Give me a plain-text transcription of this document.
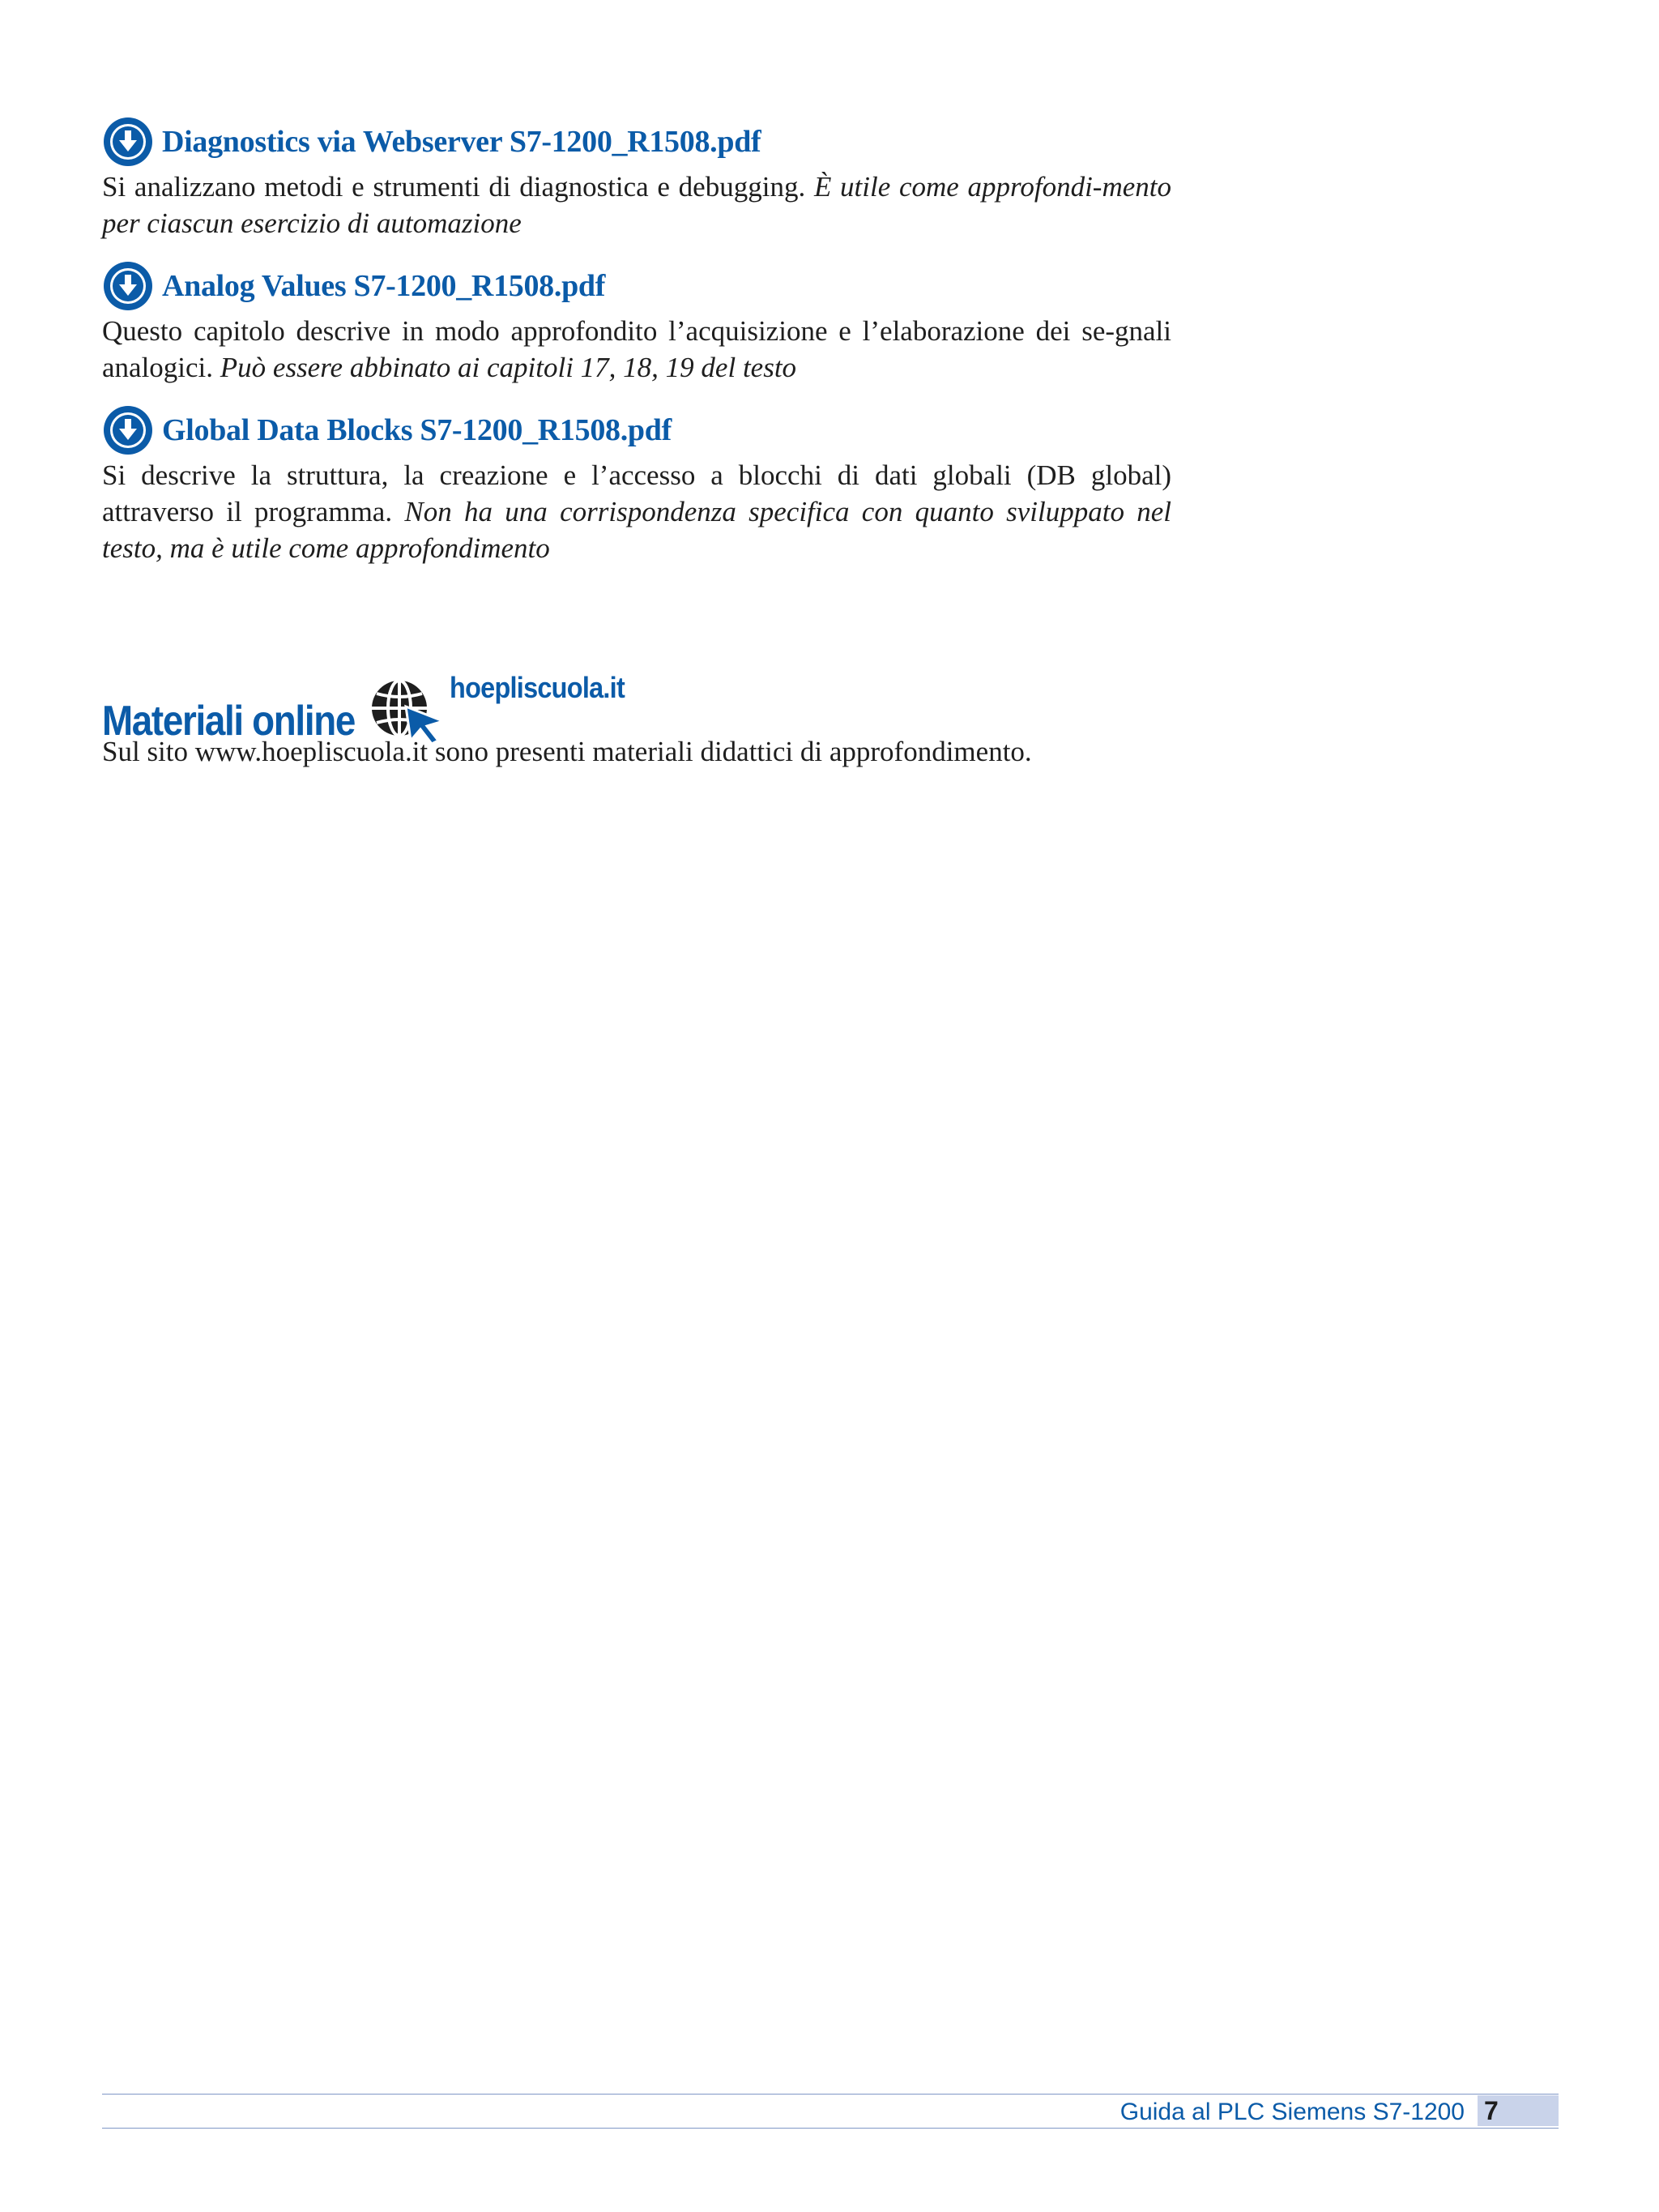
Diagnostics via Webserver S7-1200_R1508.pdf
Si analizzano metodi e strumenti di diagnostica e debugging. È utile come approfondi-mento per ciascun esercizio di automazione
Analog Values S7-1200_R1508.pdf
Questo capitolo descrive in modo approfondito l’acquisizione e l’elaborazione dei se-gnali analogici. Può essere abbinato ai capitoli 17, 18, 19 del testo
Global Data Blocks S7-1200_R1508.pdf
Si descrive la struttura, la creazione e l’accesso a blocchi di dati globali (DB global) attraverso il programma. Non ha una corrispondenza specifica con quanto sviluppato nel testo, ma è utile come approfondimento
Materiali online
hoepliscuola.it
Sul sito www.hoepliscuola.it sono presenti materiali didattici di approfondimento.
Guida al PLC Siemens S7-1200 7
